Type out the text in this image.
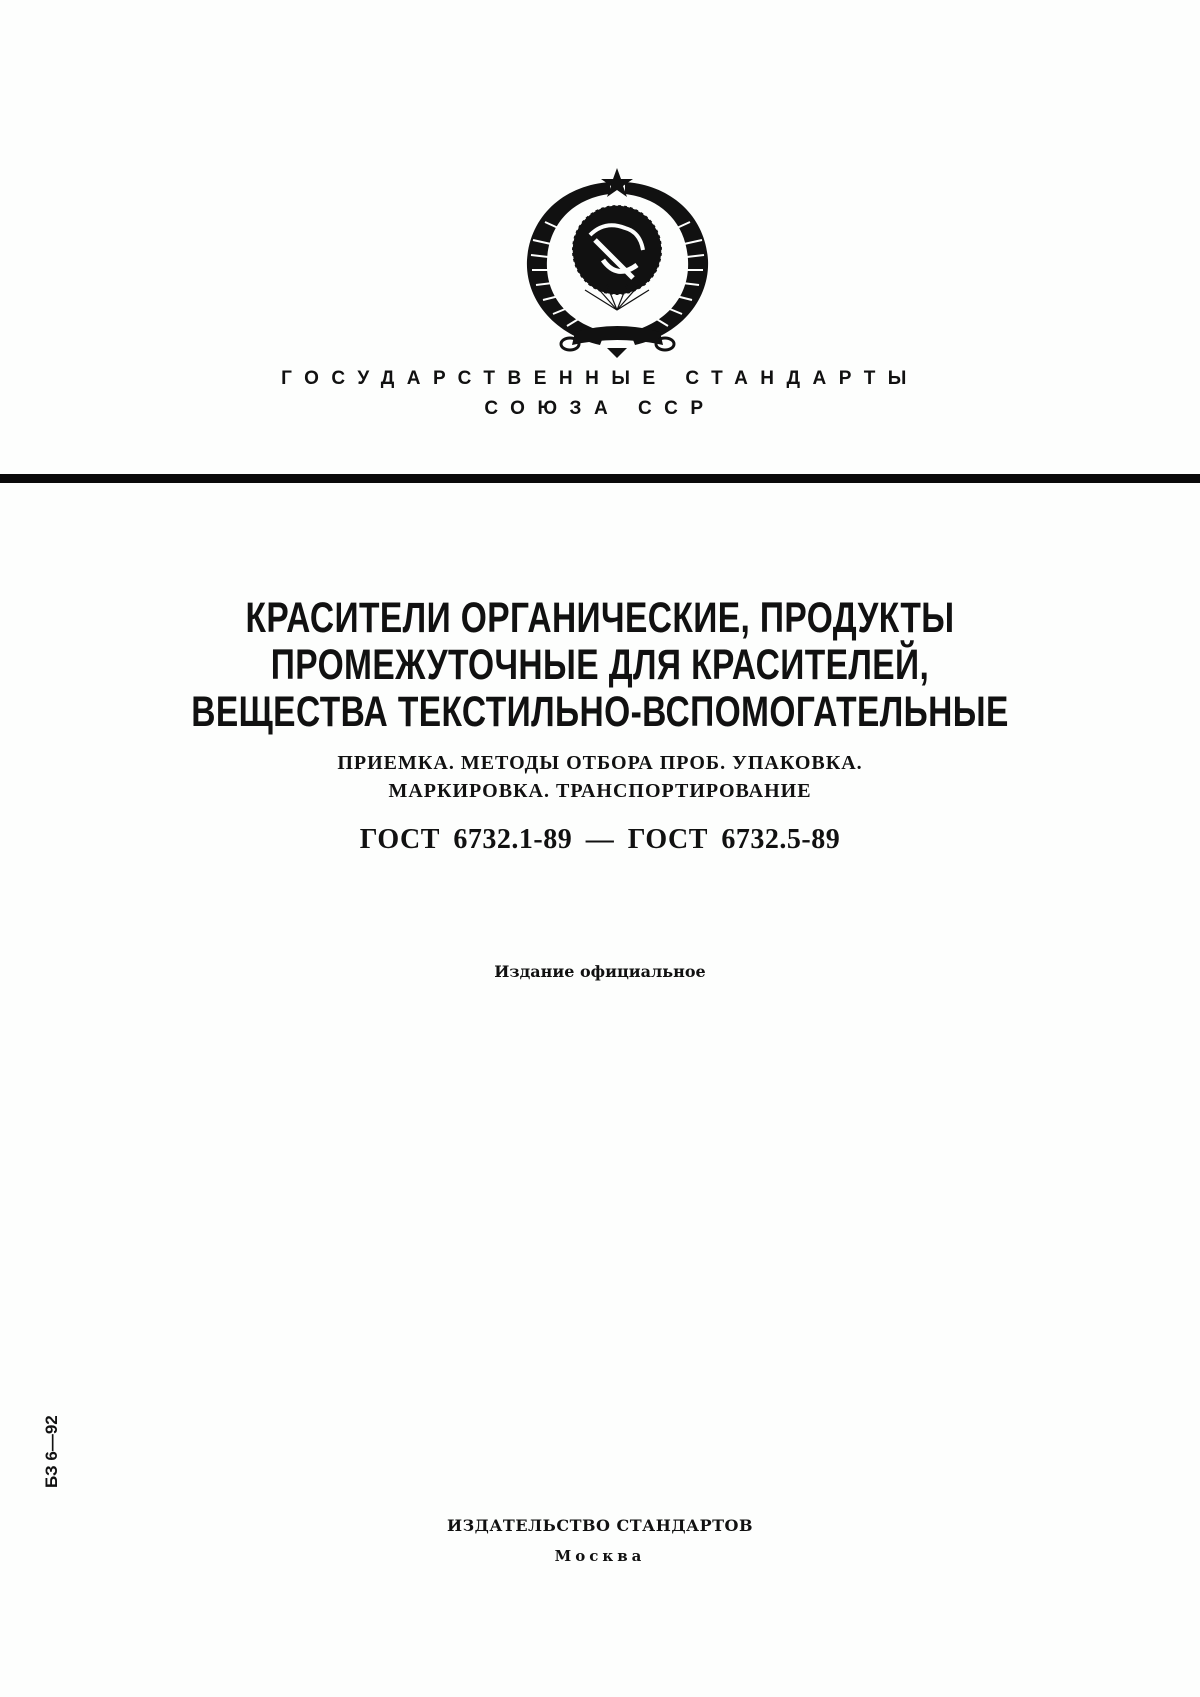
ГОСУДАРСТВЕННЫЕ СТАНДАРТЫ
СОЮЗА ССР
КРАСИТЕЛИ ОРГАНИЧЕСКИЕ, ПРОДУКТЫ
ПРОМЕЖУТОЧНЫЕ ДЛЯ КРАСИТЕЛЕЙ,
ВЕЩЕСТВА ТЕКСТИЛЬНО-ВСПОМОГАТЕЛЬНЫЕ
ПРИЕМКА. МЕТОДЫ ОТБОРА ПРОБ. УПАКОВКА.
МАРКИРОВКА. ТРАНСПОРТИРОВАНИЕ
ГОСТ 6732.1-89 — ГОСТ 6732.5-89
Издание официальное
БЗ 6—92
ИЗДАТЕЛЬСТВО СТАНДАРТОВ
Москва
